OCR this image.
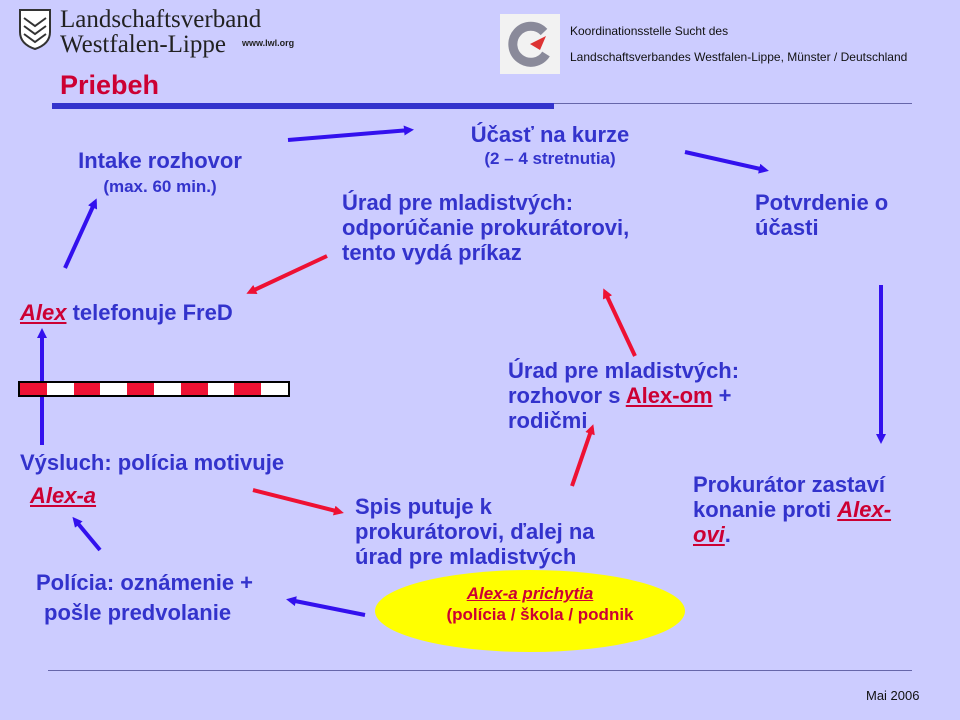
Landschaftsverband
Westfalen-Lippe www.lwl.org
Koordinationsstelle Sucht des
Landschaftsverbandes Westfalen-Lippe, Münster / Deutschland
Priebeh
Intake rozhovor
(max. 60 min.)
Účasť na kurze
(2 – 4 stretnutia)
Potvrdenie o
účasti
Úrad pre mladistvých:
odporúčanie prokurátorovi,
tento vydá príkaz
Alex telefonuje FreD
Úrad pre mladistvých:
rozhovor s Alex-om +
rodičmi
Výsluch: polícia motivuje
Alex-a	Prokurátor zastaví
konanie proti Alex-
ovi.
Spis putuje k
prokurátorovi, ďalej na
úrad pre mladistvých
Alex-a prichytia
(polícia / škola / podnik
Polícia: oznámenie +
pošle predvolanie
Mai 2006
